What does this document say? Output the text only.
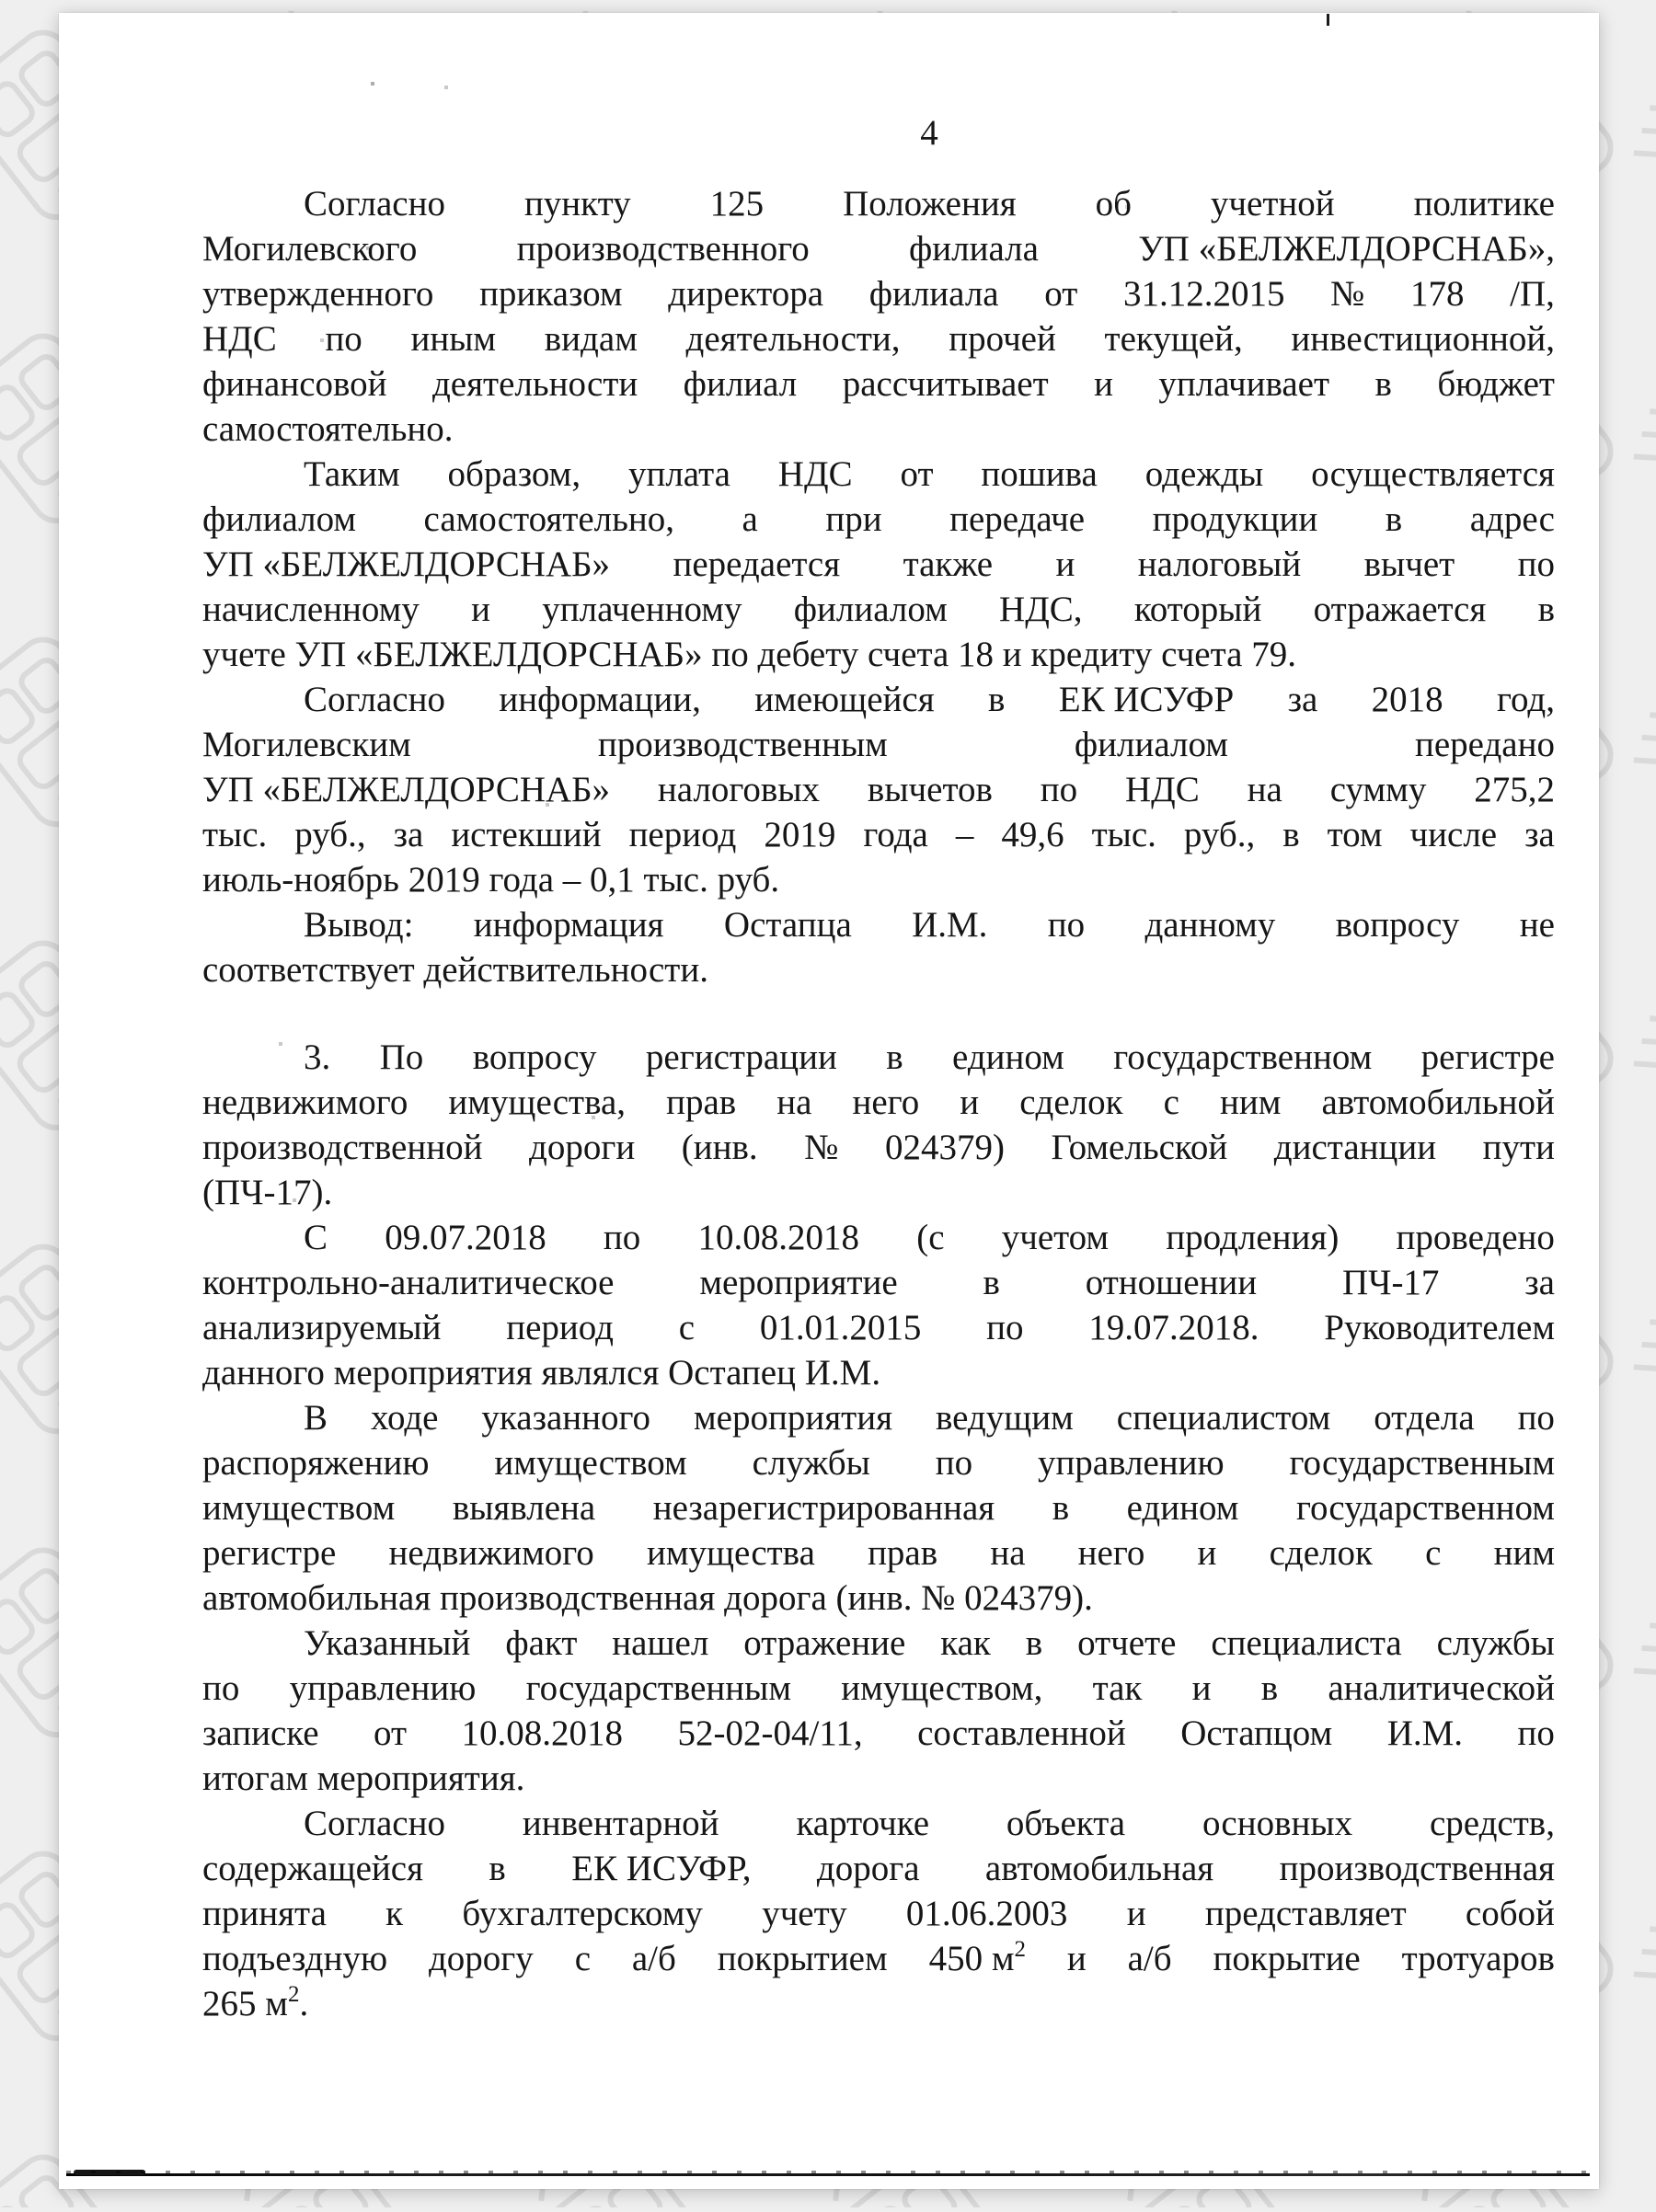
4
Согласно пункту 125 Положения об учетной политике
Могилевского	производственного	филиала	УП «БЕЛЖЕЛДОРСНАБ»,
утвержденного приказом директора филиала от 31.12.2015 № 178 /П,
НДС по иным видам деятельности, прочей текущей, инвестиционной,
финансовой деятельности филиал рассчитывает и уплачивает в бюджет
самостоятельно.
Таким образом, уплата НДС от пошива одежды осуществляется
филиалом самостоятельно, а при передаче продукции в адрес
УП «БЕЛЖЕЛДОРСНАБ» передается также и налоговый вычет по
начисленному и уплаченному филиалом НДС, который отражается в
учете УП «БЕЛЖЕЛДОРСНАБ» по дебету счета 18 и кредиту счета 79.
Согласно информации, имеющейся в ЕК ИСУФР за 2018 год,
Могилевским	производственным	филиалом	передано
УП «БЕЛЖЕЛДОРСНАБ» налоговых вычетов по НДС на сумму 275,2
тыс. руб., за истекший период 2019 года – 49,6 тыс. руб., в том числе за
июль-ноябрь 2019 года – 0,1 тыс. руб.
Вывод: информация Остапца И.М. по данному вопросу не
соответствует действительности.
3. По вопросу регистрации в едином государственном регистре
недвижимого имущества, прав на него и сделок с ним автомобильной
производственной дороги (инв. № 024379) Гомельской дистанции пути
(ПЧ-17).
С 09.07.2018 по 10.08.2018 (с учетом продления) проведено
контрольно-аналитическое мероприятие в отношении ПЧ-17 за
анализируемый период с 01.01.2015 по 19.07.2018. Руководителем
данного мероприятия являлся Остапец И.М.
В ходе указанного мероприятия ведущим специалистом отдела по
распоряжению имуществом службы по управлению государственным
имуществом выявлена незарегистрированная в едином государственном
регистре недвижимого имущества прав на него и сделок с ним
автомобильная производственная дорога (инв. № 024379).
Указанный факт нашел отражение как в отчете специалиста службы
по управлению государственным имуществом, так и в аналитической
записке от 10.08.2018 52-02-04/11, составленной Остапцом И.М. по
итогам мероприятия.
Согласно инвентарной карточке объекта основных средств,
содержащейся в ЕК ИСУФР, дорога автомобильная производственная
принята к бухгалтерскому учету 01.06.2003 и представляет собой
подъездную дорогу с а/б покрытием 450 $м^2$ и а/б покрытие тротуаров
265 $м^2$.
